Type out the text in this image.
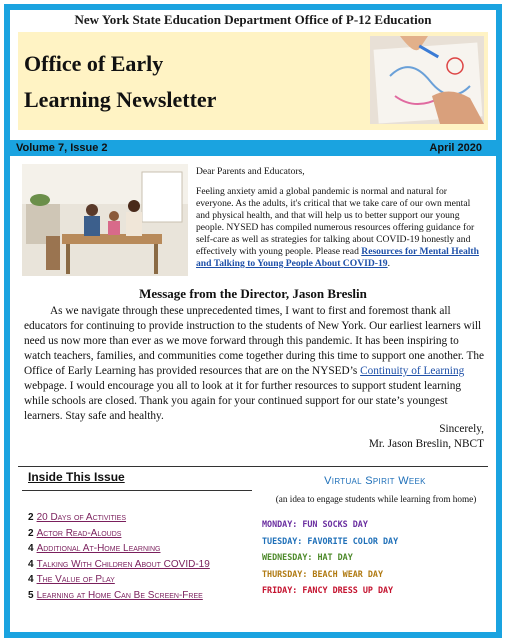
New York State Education Department Office of P-12 Education
Office of Early
Learning Newsletter
Volume 7, Issue 2	April 2020

Dear Parents and Educators,

Feeling anxiety amid a global pandemic is normal and natural for everyone. As the adults, it's critical that we take care of our own mental and physical health, and that will help us to better support our young people. NYSED has compiled numerous resources offering guidance for self-care as well as strategies for talking about COVID-19 honestly and effectively with young people. Please read Resources for Mental Health and Talking to Young People About COVID-19.

Message from the Director, Jason Breslin

As we navigate through these unprecedented times, I want to first and foremost thank all educators for continuing to provide instruction to the students of New York. Our earliest learners will need us now more than ever as we move forward through this pandemic. It has been inspiring to watch teachers, families, and communities come together during this time to support one another. The Office of Early Learning has provided resources that are on the NYSED’s Continuity of Learning webpage. I would encourage you all to look at it for further resources to support student learning while schools are closed. Thank you again for your continued support for our state’s youngest learners. Stay safe and healthy.

Sincerely,
Mr. Jason Breslin, NBCT
Inside This Issue
2 20 Days of Activities
2 Actor Read-Alouds
4 Additional At-Home Learning
4 Talking With Children About COVID-19
4 The Value of Play
5 Learning at Home Can Be Screen-Free
Virtual Spirit Week
(an idea to engage students while learning from home)
MONDAY: FUN SOCKS DAY
TUESDAY: FAVORITE COLOR DAY
WEDNESDAY: HAT DAY
THURSDAY: BEACH WEAR DAY
FRIDAY: FANCY DRESS UP DAY
